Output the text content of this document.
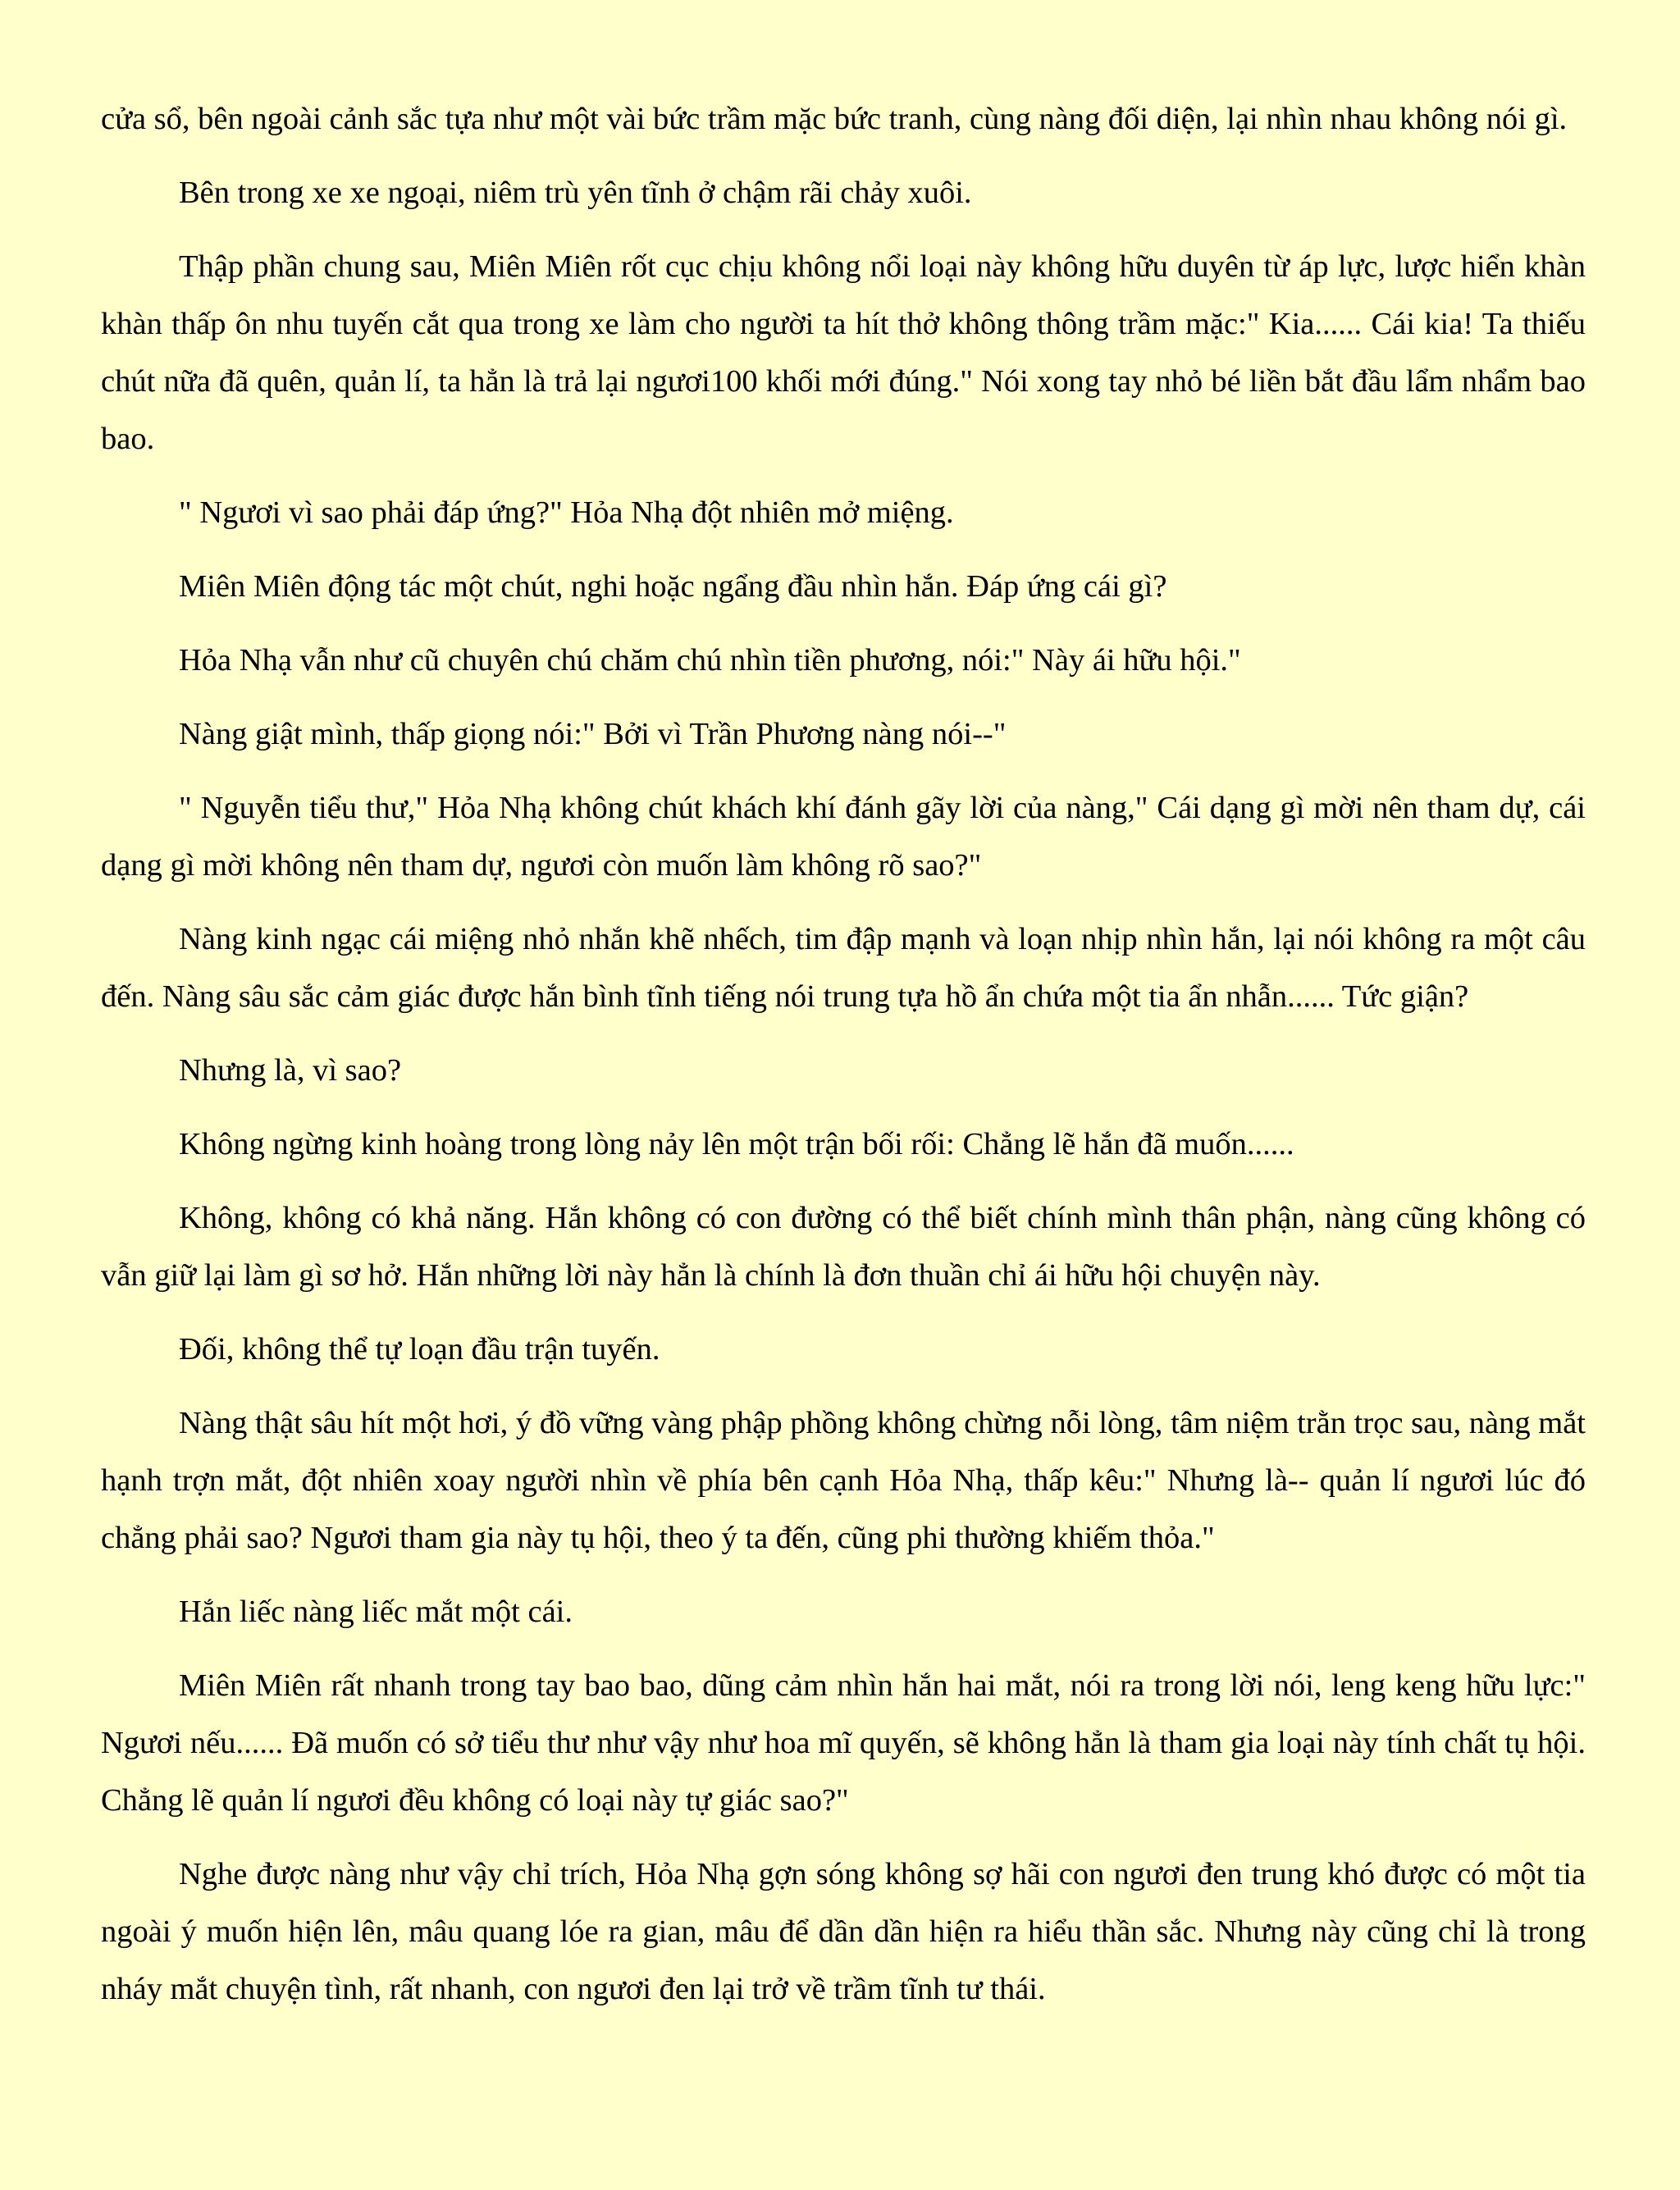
cửa sổ, bên ngoài cảnh sắc tựa như một vài bức trầm mặc bức tranh, cùng nàng đối diện, lại nhìn nhau không nói gì.

Bên trong xe xe ngoại, niêm trù yên tĩnh ở chậm rãi chảy xuôi.

Thập phần chung sau, Miên Miên rốt cục chịu không nổi loại này không hữu duyên từ áp lực, lược hiển khàn khàn thấp ôn nhu tuyến cắt qua trong xe làm cho người ta hít thở không thông trầm mặc:" Kia...... Cái kia! Ta thiếu chút nữa đã quên, quản lí, ta hẳn là trả lại ngươi100 khối mới đúng." Nói xong tay nhỏ bé liền bắt đầu lẩm nhẩm bao bao.

" Ngươi vì sao phải đáp ứng?" Hỏa Nhạ đột nhiên mở miệng.

Miên Miên động tác một chút, nghi hoặc ngẩng đầu nhìn hắn. Đáp ứng cái gì?

Hỏa Nhạ vẫn như cũ chuyên chú chăm chú nhìn tiền phương, nói:" Này ái hữu hội."

Nàng giật mình, thấp giọng nói:" Bởi vì Trần Phương nàng nói--"

" Nguyễn tiểu thư," Hỏa Nhạ không chút khách khí đánh gãy lời của nàng," Cái dạng gì mời nên tham dự, cái dạng gì mời không nên tham dự, ngươi còn muốn làm không rõ sao?"

Nàng kinh ngạc cái miệng nhỏ nhắn khẽ nhếch, tim đập mạnh và loạn nhịp nhìn hắn, lại nói không ra một câu đến. Nàng sâu sắc cảm giác được hắn bình tĩnh tiếng nói trung tựa hồ ẩn chứa một tia ẩn nhẫn...... Tức giận?

Nhưng là, vì sao?

Không ngừng kinh hoàng trong lòng nảy lên một trận bối rối: Chẳng lẽ hắn đã muốn......

Không, không có khả năng. Hắn không có con đường có thể biết chính mình thân phận, nàng cũng không có vẫn giữ lại làm gì sơ hở. Hắn những lời này hẳn là chính là đơn thuần chỉ ái hữu hội chuyện này.

Đối, không thể tự loạn đầu trận tuyến.

Nàng thật sâu hít một hơi, ý đồ vững vàng phập phồng không chừng nỗi lòng, tâm niệm trằn trọc sau, nàng mắt hạnh trợn mắt, đột nhiên xoay người nhìn về phía bên cạnh Hỏa Nhạ, thấp kêu:" Nhưng là-- quản lí ngươi lúc đó chẳng phải sao? Ngươi tham gia này tụ hội, theo ý ta đến, cũng phi thường khiếm thỏa."

Hắn liếc nàng liếc mắt một cái.

Miên Miên rất nhanh trong tay bao bao, dũng cảm nhìn hắn hai mắt, nói ra trong lời nói, leng keng hữu lực:" Ngươi nếu...... Đã muốn có sở tiểu thư như vậy như hoa mĩ quyến, sẽ không hẳn là tham gia loại này tính chất tụ hội. Chẳng lẽ quản lí ngươi đều không có loại này tự giác sao?"

Nghe được nàng như vậy chỉ trích, Hỏa Nhạ gợn sóng không sợ hãi con ngươi đen trung khó được có một tia ngoài ý muốn hiện lên, mâu quang lóe ra gian, mâu để dần dần hiện ra hiểu thần sắc. Nhưng này cũng chỉ là trong nháy mắt chuyện tình, rất nhanh, con ngươi đen lại trở về trầm tĩnh tư thái.
